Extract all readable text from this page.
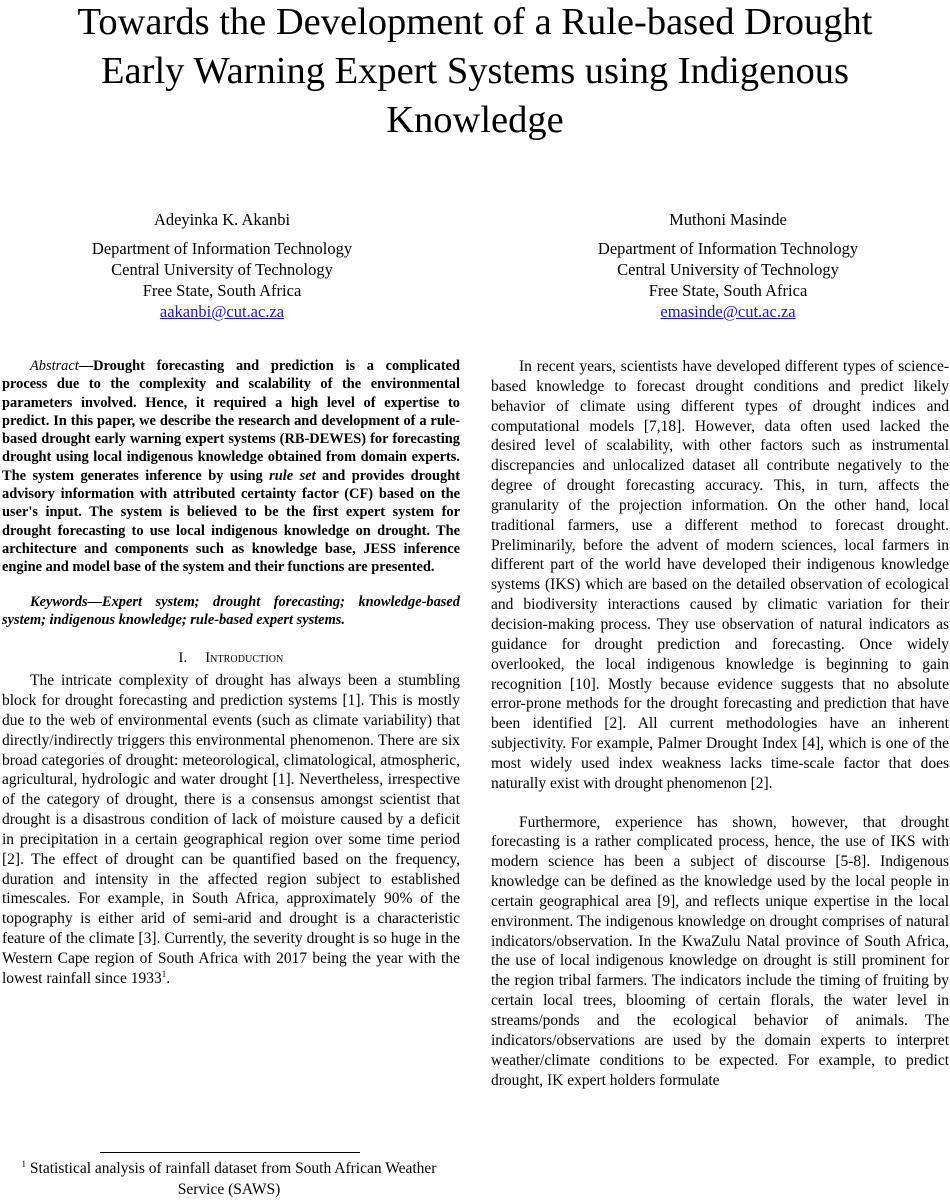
Towards the Development of a Rule-based Drought
Early Warning Expert Systems using Indigenous
Knowledge
Adeyinka K. Akanbi
Department of Information Technology
Central University of Technology
Free State, South Africa
aakanbi@cut.ac.za
Muthoni Masinde
Department of Information Technology
Central University of Technology
Free State, South Africa
emasinde@cut.ac.za

Abstract—Drought forecasting and prediction is a complicated process due to the complexity and scalability of the environmental parameters involved. Hence, it required a high level of expertise to predict. In this paper, we describe the research and development of a rule-based drought early warning expert systems (RB-DEWES) for forecasting drought using local indigenous knowledge obtained from domain experts. The system generates inference by using rule set and provides drought advisory information with attributed certainty factor (CF) based on the user's input. The system is believed to be the first expert system for drought forecasting to use local indigenous knowledge on drought. The architecture and components such as knowledge base, JESS inference engine and model base of the system and their functions are presented.

Keywords—Expert system; drought forecasting; knowledge-based system; indigenous knowledge; rule-based expert systems.

I. Introduction

The intricate complexity of drought has always been a stumbling block for drought forecasting and prediction systems [1]. This is mostly due to the web of environmental events (such as climate variability) that directly/indirectly triggers this environmental phenomenon. There are six broad categories of drought: meteorological, climatological, atmospheric, agricultural, hydrologic and water drought [1]. Nevertheless, irrespective of the category of drought, there is a consensus amongst scientist that drought is a disastrous condition of lack of moisture caused by a deficit in precipitation in a certain geographical region over some time period [2]. The effect of drought can be quantified based on the frequency, duration and intensity in the affected region subject to established timescales. For example, in South Africa, approximately 90% of the topography is either arid of semi-arid and drought is a characteristic feature of the climate [3]. Currently, the severity drought is so huge in the Western Cape region of South Africa with 2017 being the year with the lowest rainfall since 1933$^1$.

$^1$ Statistical analysis of rainfall dataset from South African Weather Service (SAWS)

In recent years, scientists have developed different types of science-based knowledge to forecast drought conditions and predict likely behavior of climate using different types of drought indices and computational models [7,18]. However, data often used lacked the desired level of scalability, with other factors such as instrumental discrepancies and unlocalized dataset all contribute negatively to the degree of drought forecasting accuracy. This, in turn, affects the granularity of the projection information. On the other hand, local traditional farmers, use a different method to forecast drought. Preliminarily, before the advent of modern sciences, local farmers in different part of the world have developed their indigenous knowledge systems (IKS) which are based on the detailed observation of ecological and biodiversity interactions caused by climatic variation for their decision-making process. They use observation of natural indicators as guidance for drought prediction and forecasting. Once widely overlooked, the local indigenous knowledge is beginning to gain recognition [10]. Mostly because evidence suggests that no absolute error-prone methods for the drought forecasting and prediction that have been identified [2]. All current methodologies have an inherent subjectivity. For example, Palmer Drought Index [4], which is one of the most widely used index weakness lacks time-scale factor that does naturally exist with drought phenomenon [2].

Furthermore, experience has shown, however, that drought forecasting is a rather complicated process, hence, the use of IKS with modern science has been a subject of discourse [5-8]. Indigenous knowledge can be defined as the knowledge used by the local people in certain geographical area [9], and reflects unique expertise in the local environment. The indigenous knowledge on drought comprises of natural indicators/observation. In the KwaZulu Natal province of South Africa, the use of local indigenous knowledge on drought is still prominent for the region tribal farmers. The indicators include the timing of fruiting by certain local trees, blooming of certain florals, the water level in streams/ponds and the ecological behavior of animals. The indicators/observations are used by the domain experts to interpret weather/climate conditions to be expected. For example, to predict drought, IK expert holders formulate
